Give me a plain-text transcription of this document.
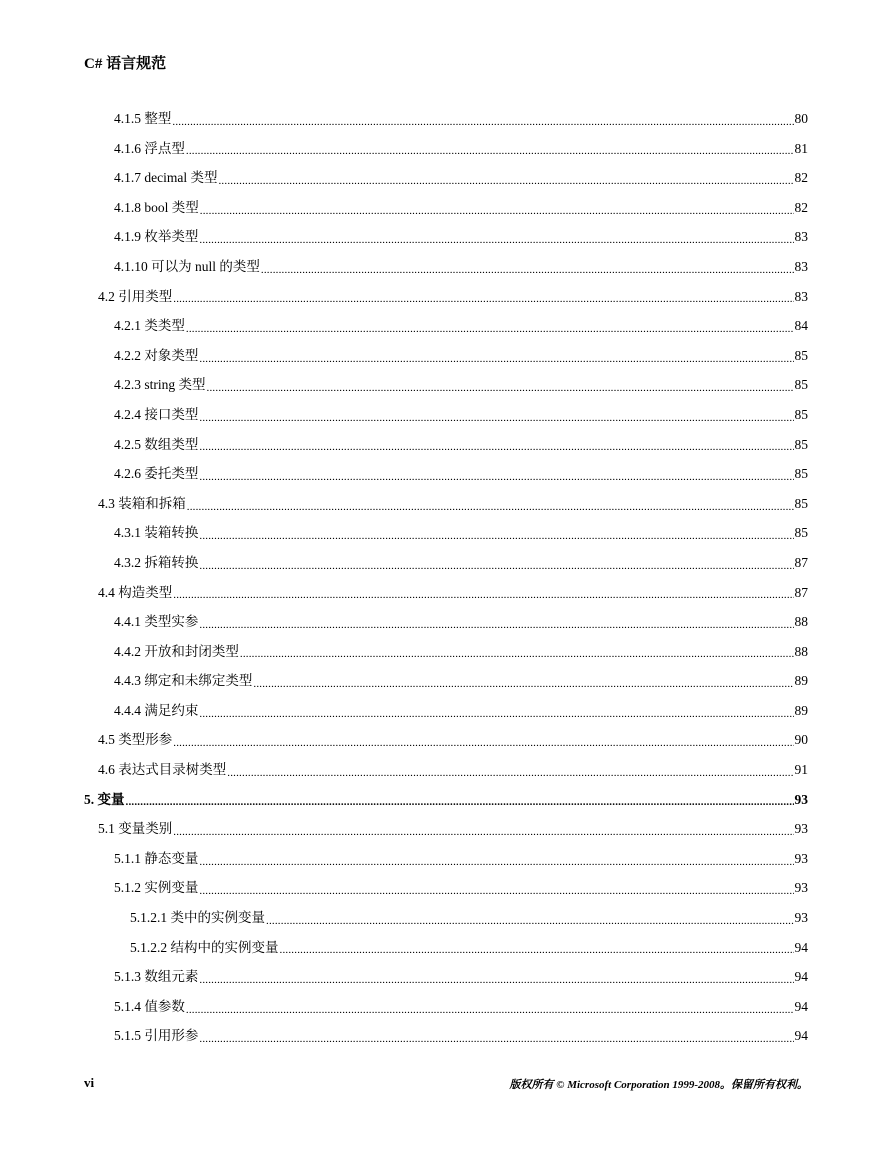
C# 语言规范
4.1.5 整型 .....	80
4.1.6 浮点型 .....	81
4.1.7 decimal 类型 .....	82
4.1.8 bool 类型 .....	82
4.1.9 枚举类型 .....	83
4.1.10 可以为 null 的类型 .....	83
4.2 引用类型 .....	83
4.2.1 类类型 .....	84
4.2.2 对象类型 .....	85
4.2.3 string 类型 .....	85
4.2.4 接口类型 .....	85
4.2.5 数组类型 .....	85
4.2.6 委托类型 .....	85
4.3 装箱和拆箱 .....	85
4.3.1 装箱转换 .....	85
4.3.2 拆箱转换 .....	87
4.4 构造类型 .....	87
4.4.1 类型实参 .....	88
4.4.2 开放和封闭类型 .....	88
4.4.3 绑定和未绑定类型 .....	89
4.4.4 满足约束 .....	89
4.5 类型形参 .....	90
4.6 表达式目录树类型 .....	91
5. 变量 .....	93
5.1 变量类别 .....	93
5.1.1 静态变量 .....	93
5.1.2 实例变量 .....	93
5.1.2.1 类中的实例变量 .....	93
5.1.2.2 结构中的实例变量 .....	94
5.1.3 数组元素 .....	94
5.1.4 值参数 .....	94
5.1.5 引用形参 .....	94
vi	版权所有 © Microsoft Corporation 1999-2008。保留所有权利。
